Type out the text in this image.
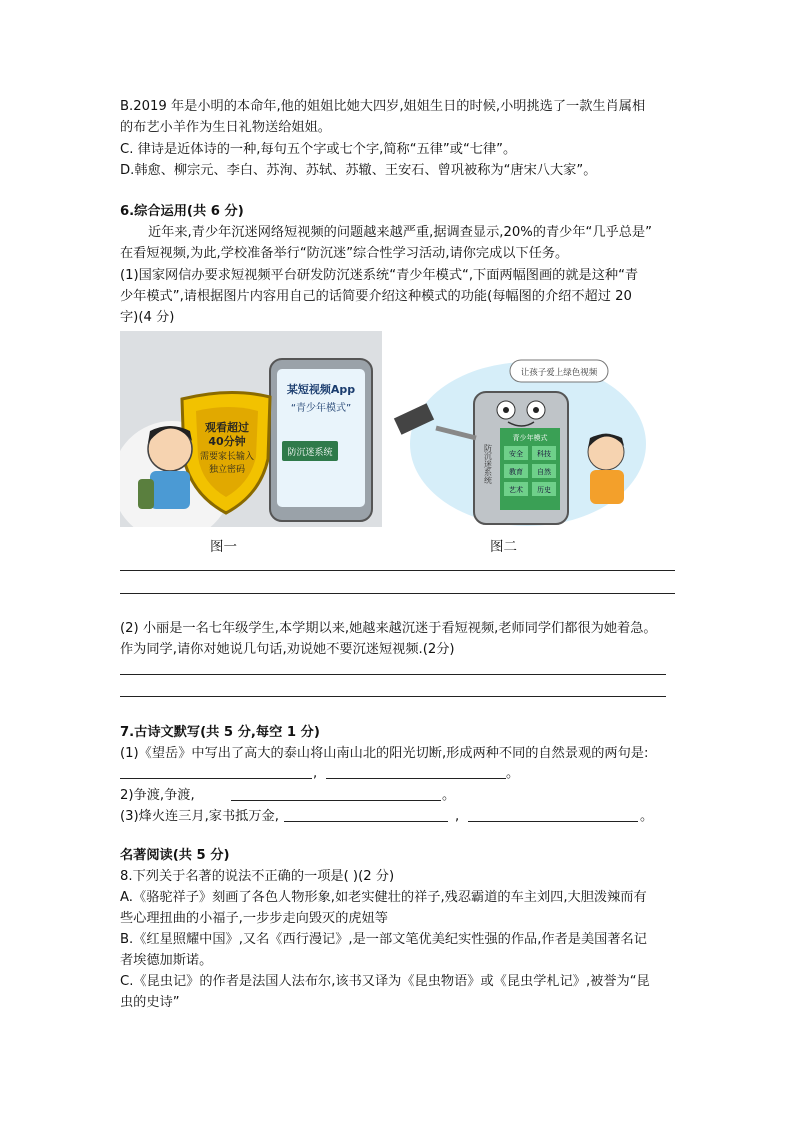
B.2019 年是小明的本命年,他的姐姐比她大四岁,姐姐生日的时候,小明挑选了一款生肖属相
的布艺小羊作为生日礼物送给姐姐。
C. 律诗是近体诗的一种,每句五个字或七个字,简称“五律”或“七律”。
D.韩愈、柳宗元、李白、苏洵、苏轼、苏辙、王安石、曾巩被称为“唐宋八大家”。
6.综合运用(共 6 分)
近年来,青少年沉迷网络短视频的问题越来越严重,据调查显示,20%的青少年“几乎总是”
在看短视频,为此,学校准备举行“防沉迷”综合性学习活动,请你完成以下任务。
(1)国家网信办要求短视频平台研发防沉迷系统“青少年模式“,下面两幅图画的就是这种“青
少年模式”,请根据图片内容用自己的话简要介绍这种模式的功能(每幅图的介绍不超过 20
字)(4 分)
某短视频App
“青少年模式”
防沉迷系统
观看超过
40分钟
需要家长输入
独立密码
图一
让孩子爱上绿色视频
青少年模式
安全 科技
教育 自然
艺术 历史
防沉迷系统
图二
(2) 小丽是一名七年级学生,本学期以来,她越来越沉迷于看短视频,老师同学们都很为她着急。
作为同学,请你对她说几句话,劝说她不要沉迷短视频.(2分)
7.古诗文默写(共 5 分,每空 1 分)
(1)《望岳》中写出了高大的泰山将山南山北的阳光切断,形成两种不同的自然景观的两句是:
,	。
2)争渡,争渡,	。
(3)烽火连三月,家书抵万金,	,	。
名著阅读(共 5 分)
8.下列关于名著的说法不正确的一项是( )(2 分)
A.《骆驼祥子》刻画了各色人物形象,如老实健壮的祥子,残忍霸道的车主刘四,大胆泼辣而有
些心理扭曲的小福子,一步步走向毁灭的虎妞等
B.《红星照耀中国》,又名《西行漫记》,是一部文笔优美纪实性强的作品,作者是美国著名记
者埃德加斯诺。
C.《昆虫记》的作者是法国人法布尔,该书又译为《昆虫物语》或《昆虫学札记》,被誉为“昆
虫的史诗”
